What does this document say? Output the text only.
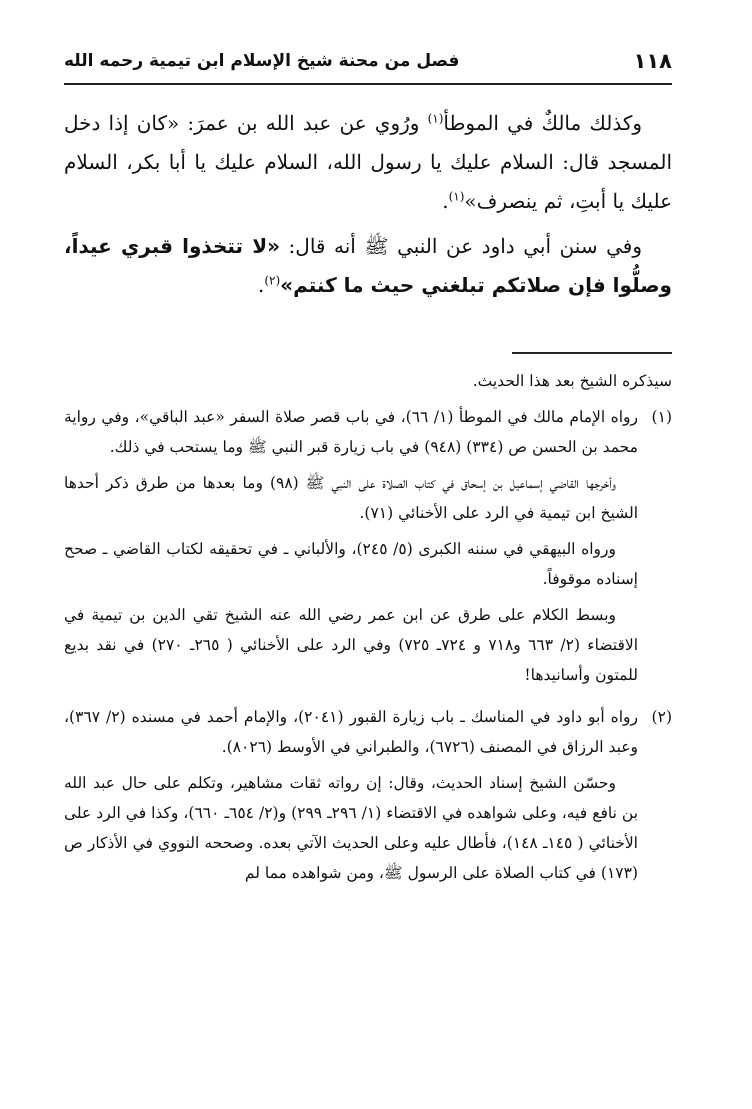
١١٨
فصل من محنة شيخ الإسلام ابن تيمية رحمه الله

وكذلك مالكٌ في الموطأ$^{(١)}$ ورُوي عن عبد الله بن عمرَ: «كان إذا دخل المسجد قال: السلام عليك يا رسول الله، السلام عليك يا أبا بكر، السلام عليك يا أبتِ، ثم ينصرف»$^{(١)}$.

وفي سنن أبي داود عن النبي ﷺ أنه قال: «لا تتخذوا قبري عيداً، وصلُّوا فإن صلاتكم تبلغني حيث ما كنتم»$^{(٢)}$.

سيذكره الشيخ بعد هذا الحديث.

(١)

رواه الإمام مالك في الموطأ (١/ ٦٦)، في باب قصر صلاة السفر «عبد الباقي»، وفي رواية محمد بن الحسن ص (٣٣٤) (٩٤٨) في باب زيارة قبر النبي ﷺ وما يستحب في ذلك.

وأخرجها القاضي إسماعيل بن إسحاق في كتاب الصلاة على النبي ﷺ (٩٨) وما بعدها من طرق ذكر أحدها الشيخ ابن تيمية في الرد على الأخنائي (٧١).

ورواه البيهقي في سننه الكبرى (٥/ ٢٤٥)، والألباني ـ في تحقيقه لكتاب القاضي ـ صحح إسناده موقوفاً.

وبسط الكلام على طرق عن ابن عمر رضي الله عنه الشيخ تقي الدين بن تيمية في الاقتضاء (٢/ ٦٦٣ و٧١٨ و ٧٢٤ـ ٧٢٥) وفي الرد على الأخنائي ( ٢٦٥ـ ٢٧٠) في نقد بديع للمتون وأسانيدها!

(٢)

رواه أبو داود في المناسك ـ باب زيارة القبور (٢٠٤١)، والإمام أحمد في مسنده (٢/ ٣٦٧)، وعبد الرزاق في المصنف (٦٧٢٦)، والطبراني في الأوسط (٨٠٢٦).

وحسّن الشيخ إسناد الحديث، وقال: إن رواته ثقات مشاهير، وتكلم على حال عبد الله بن نافع فيه، وعلى شواهده في الاقتضاء (١/ ٢٩٦ـ ٢٩٩) و(٢/ ٦٥٤ـ ٦٦٠)، وكذا في الرد على الأخنائي ( ١٤٥ـ ١٤٨)، فأطال عليه وعلى الحديث الآتي بعده. وصححه النووي في الأذكار ص (١٧٣) في كتاب الصلاة على الرسول ﷺ، ومن شواهده مما لم
